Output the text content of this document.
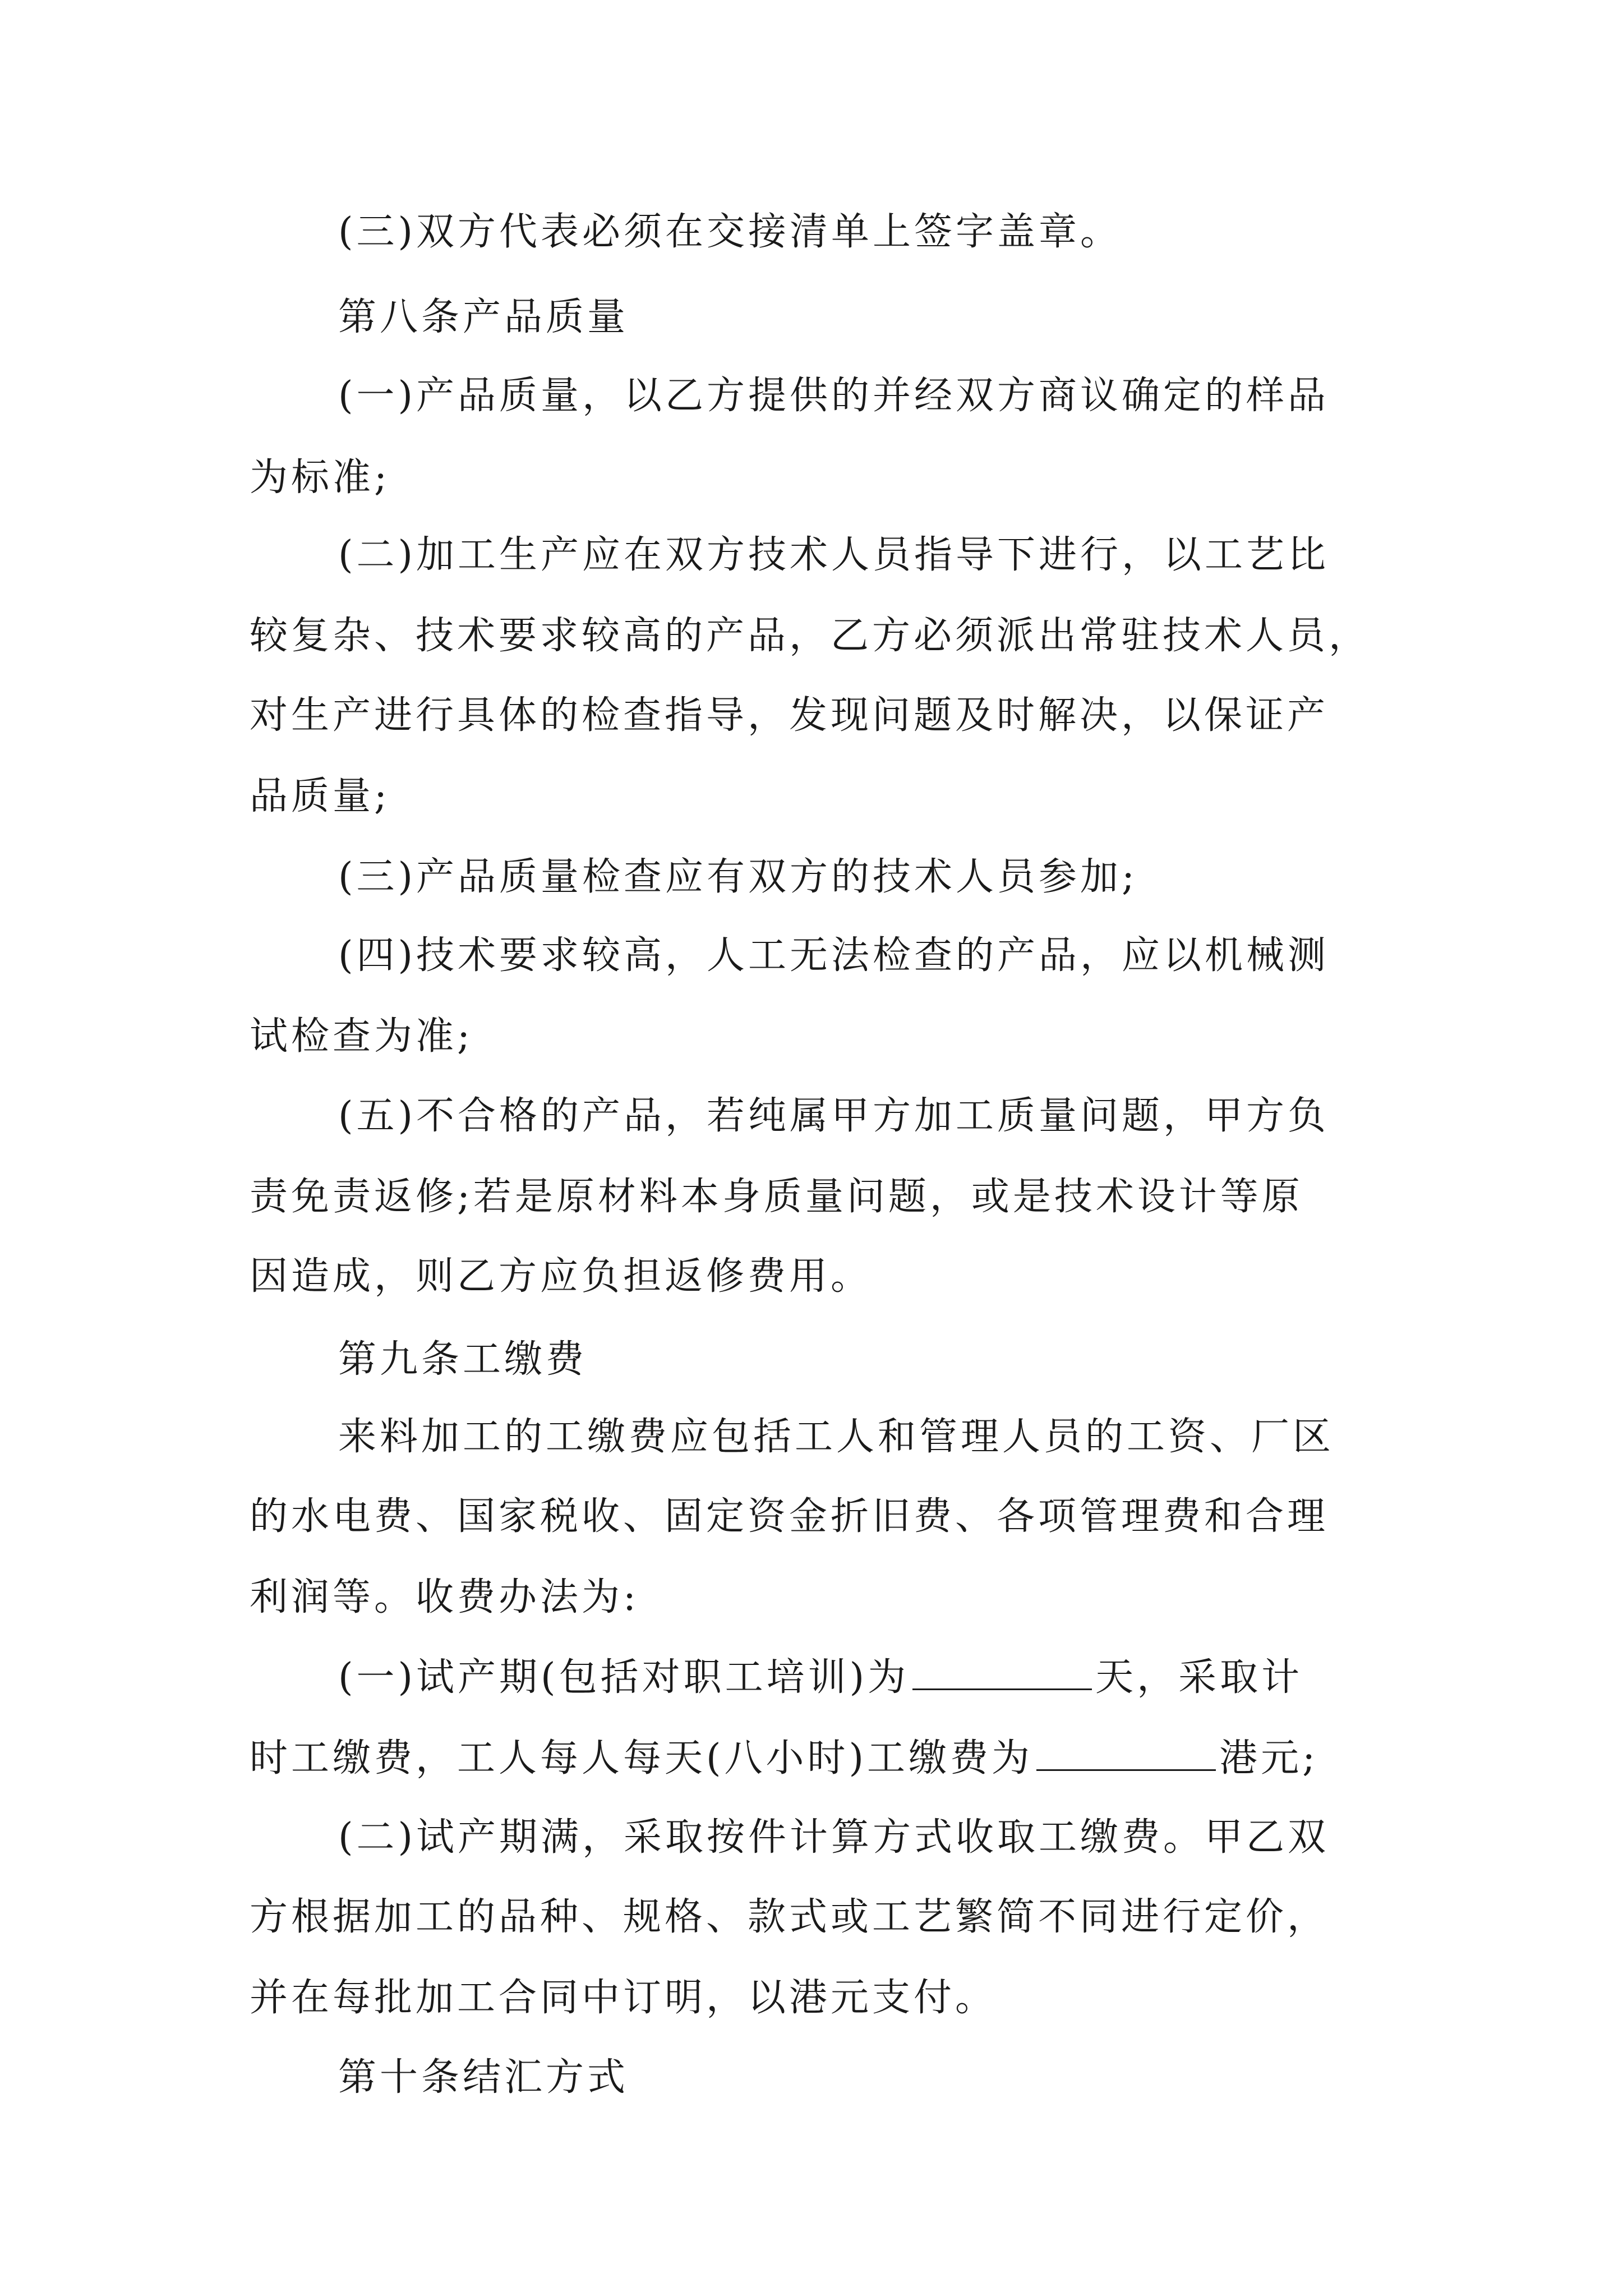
(三)双方代表必须在交接清单上签字盖章。
第八条产品质量
(一)产品质量，以乙方提供的并经双方商议确定的样品
为标准;
(二)加工生产应在双方技术人员指导下进行，以工艺比
较复杂、技术要求较高的产品，乙方必须派出常驻技术人员，
对生产进行具体的检查指导，发现问题及时解决，以保证产
品质量;
(三)产品质量检查应有双方的技术人员参加;
(四)技术要求较高，人工无法检查的产品，应以机械测
试检查为准;
(五)不合格的产品，若纯属甲方加工质量问题，甲方负
责免责返修;若是原材料本身质量问题，或是技术设计等原
因造成，则乙方应负担返修费用。
第九条工缴费
来料加工的工缴费应包括工人和管理人员的工资、厂区
的水电费、国家税收、固定资金折旧费、各项管理费和合理
利润等。收费办法为:
(一)试产期(包括对职工培训)为	天，采取计
时工缴费，工人每人每天(八小时)工缴费为	港元;
(二)试产期满，采取按件计算方式收取工缴费。甲乙双
方根据加工的品种、规格、款式或工艺繁简不同进行定价，
并在每批加工合同中订明，以港元支付。
第十条结汇方式
